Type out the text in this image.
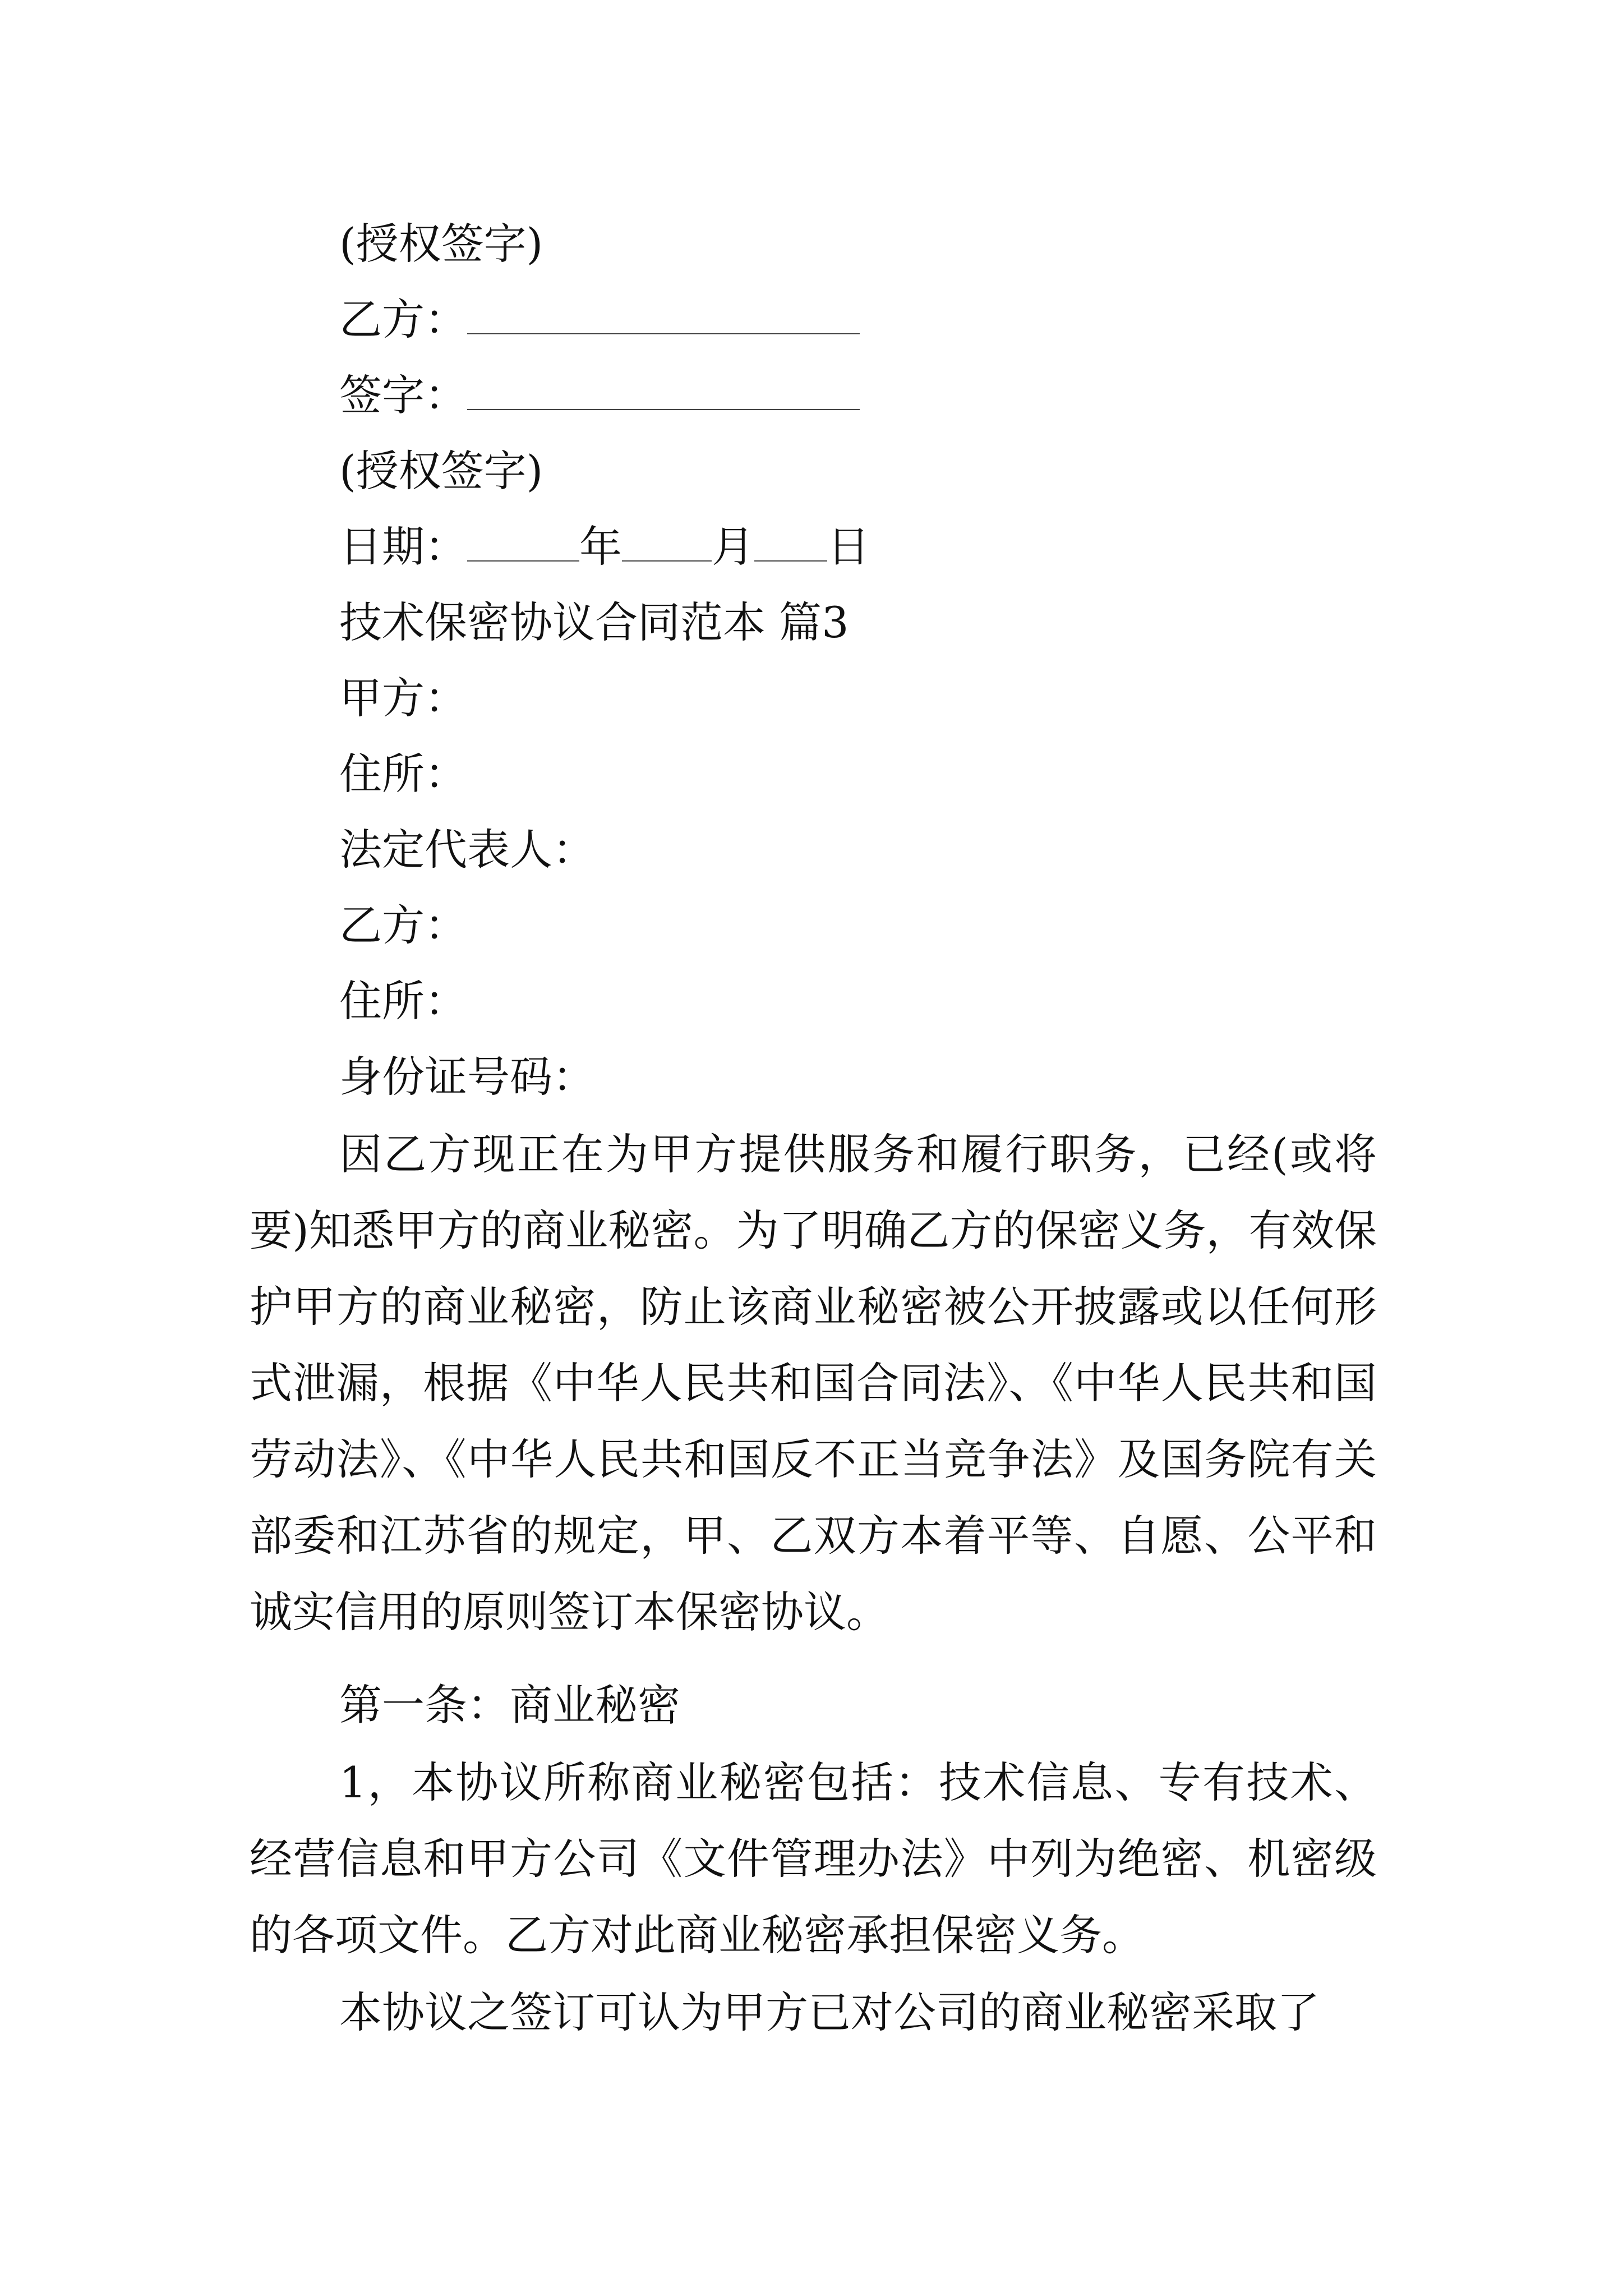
(授权签字)
乙方：
签字：
(授权签字)
日期：	年 月 日
技术保密协议合同范本 篇3
甲方：
住所：
法定代表人：
乙方：
住所：
身份证号码：

因乙方现正在为甲方提供服务和履行职务，已经(或将要)知悉甲方的商业秘密。为了明确乙方的保密义务，有效保护甲方的商业秘密，防止该商业秘密被公开披露或以任何形式泄漏，根据《中华人民共和国合同法》、《中华人民共和国劳动法》、《中华人民共和国反不正当竞争法》及国务院有关部委和江苏省的规定，甲、乙双方本着平等、自愿、公平和诚实信用的原则签订本保密协议。

第一条：商业秘密

1，本协议所称商业秘密包括：技术信息、专有技术、经营信息和甲方公司《文件管理办法》中列为绝密、机密级的各项文件。乙方对此商业秘密承担保密义务。

本协议之签订可认为甲方已对公司的商业秘密采取了
